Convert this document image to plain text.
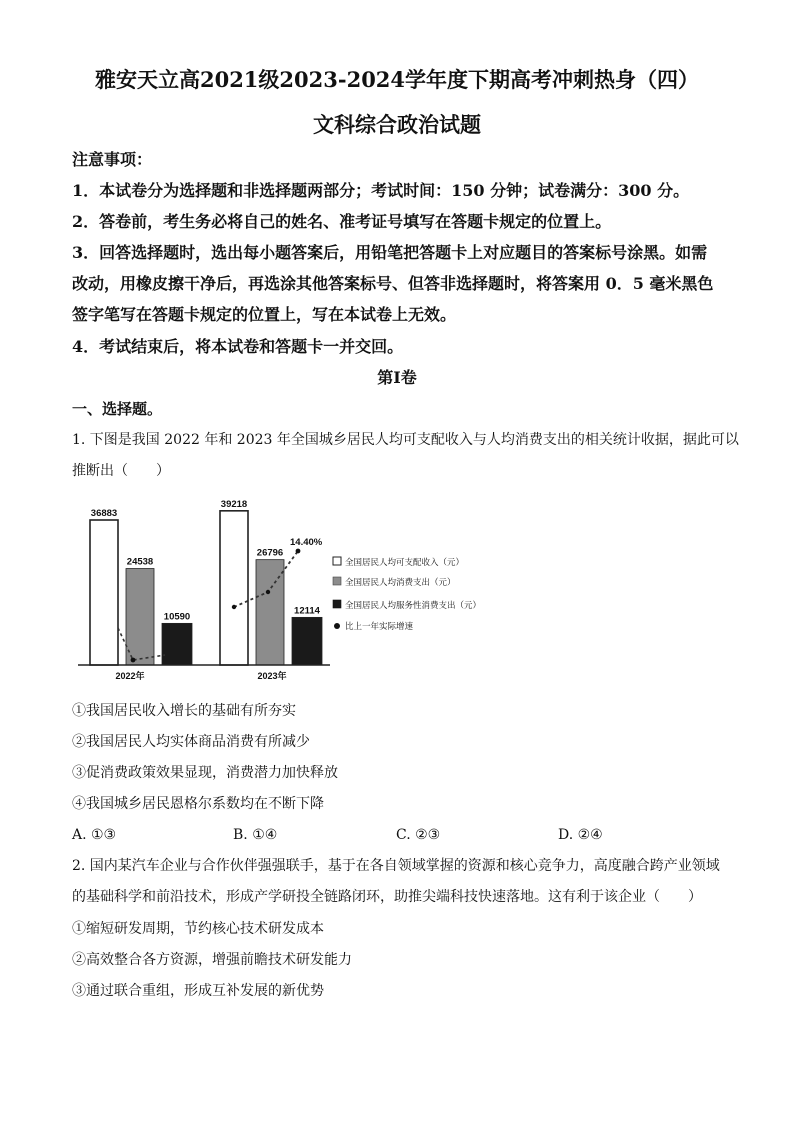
雅安天立高2021级2023-2024学年度下期高考冲刺热身（四）
文科综合政治试题
注意事项：
1．本试卷分为选择题和非选择题两部分；考试时间：150 分钟；试卷满分：300 分。
2．答卷前，考生务必将自己的姓名、准考证号填写在答题卡规定的位置上。
3．回答选择题时，选出每小题答案后，用铅笔把答题卡上对应题目的答案标号涂黑。如需
改动，用橡皮擦干净后，再选涂其他答案标号、但答非选择题时，将答案用 0．5 毫米黑色
签字笔写在答题卡规定的位置上，写在本试卷上无效。
4．考试结束后，将本试卷和答题卡一并交回。
第Ⅰ卷
一、选择题。
1. 下图是我国 2022 年和 2023 年全国城乡居民人均可支配收入与人均消费支出的相关统计收据，据此可以
推断出（　　）
36883
39218
24538
26796
10590
12114
2022年	2023年
14.40%
全国居民人均可支配收入（元）
全国居民人均消费支出（元）
全国居民人均服务性消费支出（元）
比上一年实际增速
①我国居民收入增长的基础有所夯实
②我国居民人均实体商品消费有所减少
③促消费政策效果显现，消费潜力加快释放
④我国城乡居民恩格尔系数均在不断下降
A. ①③	B. ①④	C. ②③	D. ②④
2. 国内某汽车企业与合作伙伴强强联手，基于在各自领域掌握的资源和核心竞争力，高度融合跨产业领域
的基础科学和前沿技术，形成产学研投全链路闭环，助推尖端科技快速落地。这有利于该企业（　　）
①缩短研发周期，节约核心技术研发成本
②高效整合各方资源，增强前瞻技术研发能力
③通过联合重组，形成互补发展的新优势
